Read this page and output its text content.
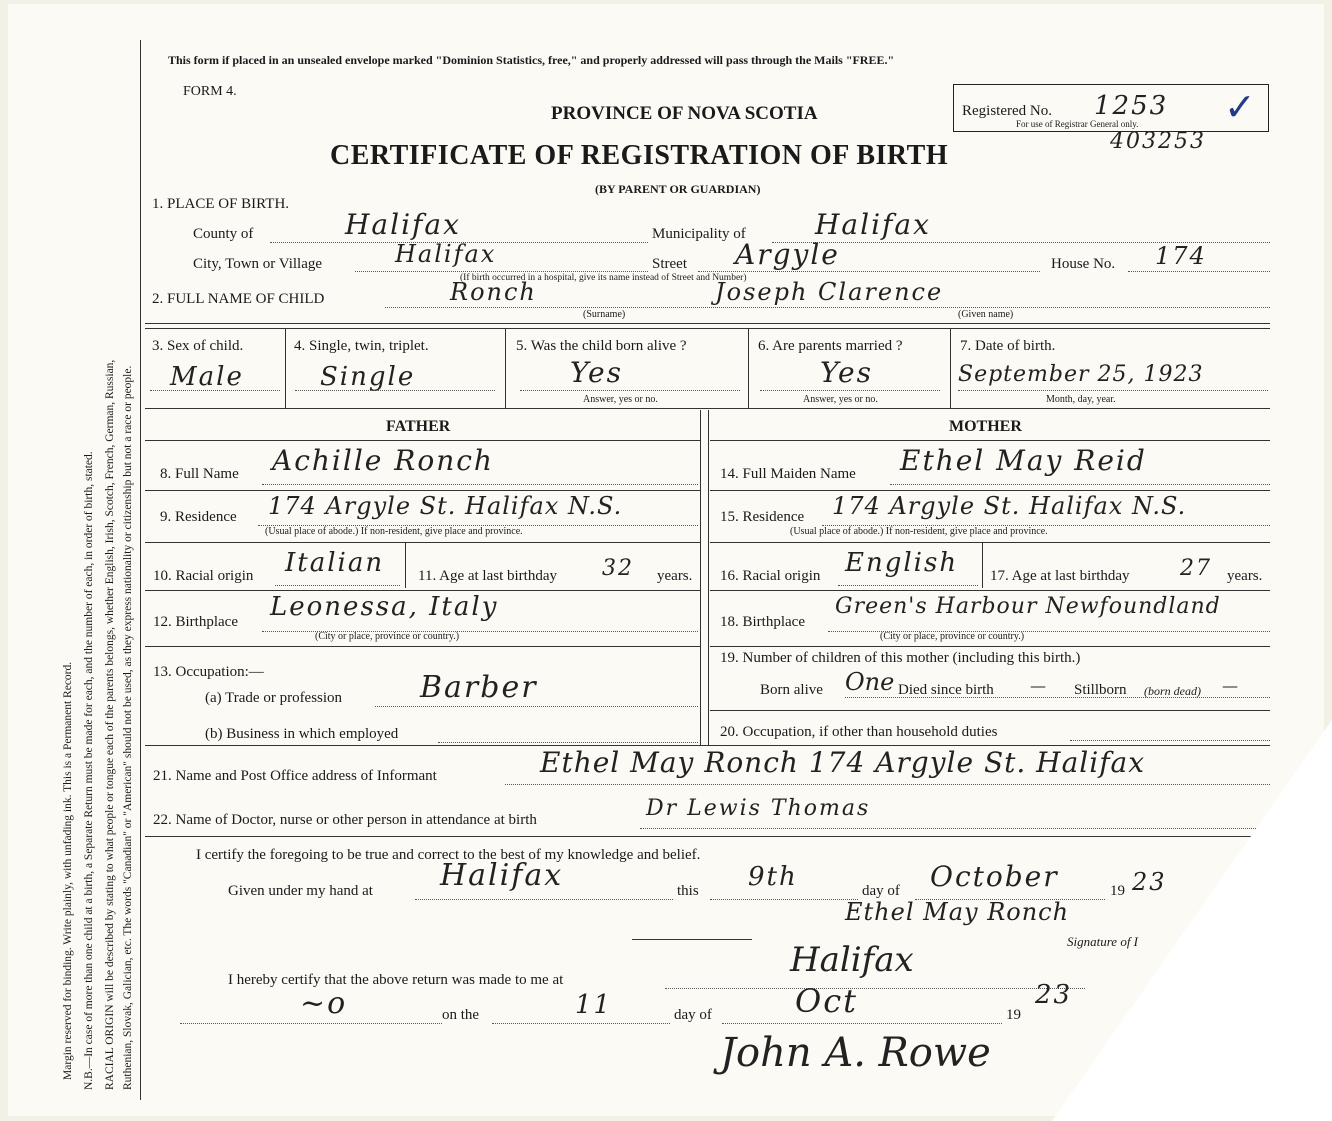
Margin reserved for binding. Write plainly, with unfading ink. This is a Permanent Record. N.B.—In case of more than one child at a birth, a Separate Return must be made for each, and the number of each, in order of birth, stated. RACIAL ORIGIN will be described by stating to what people or tongue each of the parents belongs, whether English, Irish, Scotch, French, German, Russian, Ruthenian, Slovak, Galician, etc. The words "Canadian" or "American" should not be used, as they express nationality or citizenship but not a race or people.
This form if placed in an unsealed envelope marked "Dominion Statistics, free," and properly addressed will pass through the Mails "FREE."
FORM 4.
PROVINCE OF NOVA SCOTIA
CERTIFICATE OF REGISTRATION OF BIRTH
(BY PARENT OR GUARDIAN)
Registered No. 1253
For use of Registrar General only. ✓
403253
1. PLACE OF BIRTH.
County of	Halifax	Municipality of Halifax
City, Town or Village	Halifax	Street Argyle	House No. 174
(If birth occurred in a hospital, give its name instead of Street and Number)
2. FULL NAME OF CHILD	Ronch	Joseph Clarence
(Surname)	(Given name)
3. Sex of child.
Male
4. Single, twin, triplet.
Single
5. Was the child born alive ?
Yes
Answer, yes or no.
6. Are parents married ?
Yes
Answer, yes or no.
7. Date of birth.
September 25, 1923
Month, day, year.
FATHER	MOTHER
8. Full Name Achille Ronch
9. Residence 174 Argyle St. Halifax N.S.
(Usual place of abode.) If non-resident, give place and province.
10. Racial origin Italian 11. Age at last birthday 32 years.
12. Birthplace Leonessa, Italy
(City or place, province or country.)
13. Occupation:—
(a) Trade or profession	Barber
(b) Business in which employed
14. Full Maiden Name Ethel May Reid
15. Residence 174 Argyle St. Halifax N.S.
(Usual place of abode.) If non-resident, give place and province.
16. Racial origin English 17. Age at last birthday 27 years.
18. Birthplace
Green's Harbour Newfoundland
(City or place, province or country.)
19. Number of children of this mother (including this birth.)
Born alive One Died since birth — Stillborn (born dead) —
20. Occupation, if other than household duties
21. Name and Post Office address of Informant	Ethel May Ronch 174 Argyle St. Halifax
22. Name of Doctor, nurse or other person in attendance at birth	Dr Lewis Thomas
I certify the foregoing to be true and correct to the best of my knowledge and belief.
Given under my hand at Halifax	this 9th	day of October	19 23
Ethel May Ronch
Signature of I
I hereby certify that the above return was made to me at	Halifax
~o	on the	11	day of	Oct	19
23
John A. Rowe
